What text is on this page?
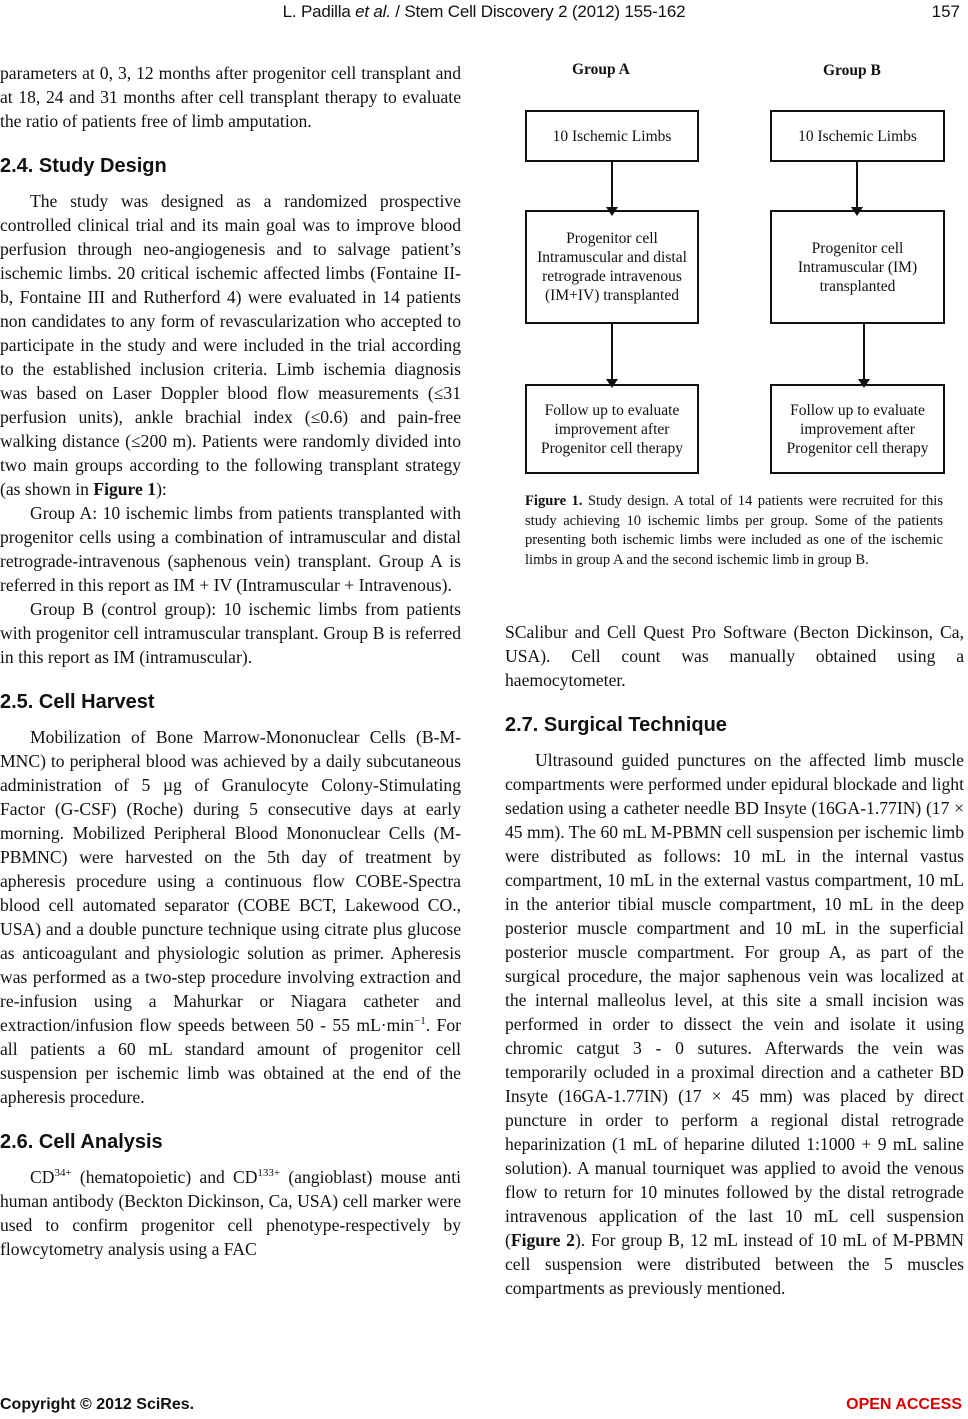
L. Padilla et al. / Stem Cell Discovery 2 (2012) 155-162	157

parameters at 0, 3, 12 months after progenitor cell transplant and at 18, 24 and 31 months after cell transplant therapy to evaluate the ratio of patients free of limb amputation.

2.4. Study Design

The study was designed as a randomized prospective controlled clinical trial and its main goal was to improve blood perfusion through neo-angiogenesis and to salvage patient’s ischemic limbs. 20 critical ischemic affected limbs (Fontaine II-b, Fontaine III and Rutherford 4) were evaluated in 14 patients non candidates to any form of revascularization who accepted to participate in the study and were included in the trial according to the established inclusion criteria. Limb ischemia diagnosis was based on Laser Doppler blood flow measurements (≤31 perfusion units), ankle brachial index (≤0.6) and pain-free walking distance (≤200 m). Patients were randomly divided into two main groups according to the following transplant strategy (as shown in Figure 1):

Group A: 10 ischemic limbs from patients transplanted with progenitor cells using a combination of intramuscular and distal retrograde-intravenous (saphenous vein) transplant. Group A is referred in this report as IM + IV (Intramuscular + Intravenous).

Group B (control group): 10 ischemic limbs from patients with progenitor cell intramuscular transplant. Group B is referred in this report as IM (intramuscular).

2.5. Cell Harvest

Mobilization of Bone Marrow-Mononuclear Cells (B-M-MNC) to peripheral blood was achieved by a daily subcutaneous administration of 5 µg of Granulocyte Colony-Stimulating Factor (G-CSF) (Roche) during 5 consecutive days at early morning. Mobilized Peripheral Blood Mononuclear Cells (M-PBMNC) were harvested on the 5th day of treatment by apheresis procedure using a continuous flow COBE-Spectra blood cell automated separator (COBE BCT, Lakewood CO., USA) and a double puncture technique using citrate plus glucose as anticoagulant and physiologic solution as primer. Apheresis was performed as a two-step procedure involving extraction and re-infusion using a Mahurkar or Niagara catheter and extraction/infusion flow speeds between 50 - 55 $mL\cdot\min^{-1}$. For all patients a 60 mL standard amount of progenitor cell suspension per ischemic limb was obtained at the end of the apheresis procedure.

2.6. Cell Analysis

$CD^{34+}$ (hematopoietic) and $CD^{133+}$ (angioblast) mouse anti human antibody (Beckton Dickinson, Ca, USA) cell marker were used to confirm progenitor cell phenotype-respectively by flowcytometry analysis using a FAC

Group A	Group B
10 Ischemic Limbs
Progenitor cell Intramuscular and distal retrograde intravenous (IM+IV) transplanted
Follow up to evaluate improvement after Progenitor cell therapy
10 Ischemic Limbs
Progenitor cell Intramuscular (IM) transplanted
Follow up to evaluate improvement after Progenitor cell therapy
Figure 1. Study design. A total of 14 patients were recruited for this study achieving 10 ischemic limbs per group. Some of the patients presenting both ischemic limbs were included as one of the ischemic limbs in group A and the second ischemic limb in group B.

SCalibur and Cell Quest Pro Software (Becton Dickinson, Ca, USA). Cell count was manually obtained using a haemocytometer.

2.7. Surgical Technique

Ultrasound guided punctures on the affected limb muscle compartments were performed under epidural blockade and light sedation using a catheter needle BD Insyte (16GA-1.77IN) (17 × 45 mm). The 60 mL M-PBMN cell suspension per ischemic limb were distributed as follows: 10 mL in the internal vastus compartment, 10 mL in the external vastus compartment, 10 mL in the anterior tibial muscle compartment, 10 mL in the deep posterior muscle compartment and 10 mL in the superficial posterior muscle compartment. For group A, as part of the surgical procedure, the major saphenous vein was localized at the internal malleolus level, at this site a small incision was performed in order to dissect the vein and isolate it using chromic catgut 3 - 0 sutures. Afterwards the vein was temporarily ocluded in a proximal direction and a catheter BD Insyte (16GA-1.77IN) (17 × 45 mm) was placed by direct puncture in order to perform a regional distal retrograde heparinization (1 mL of heparine diluted 1:1000 + 9 mL saline solution). A manual tourniquet was applied to avoid the venous flow to return for 10 minutes followed by the distal retrograde intravenous application of the last 10 mL cell suspension (Figure 2). For group B, 12 mL instead of 10 mL of M-PBMN cell suspension were distributed between the 5 muscles compartments as previously mentioned.

Copyright © 2012 SciRes.	OPEN ACCESS
